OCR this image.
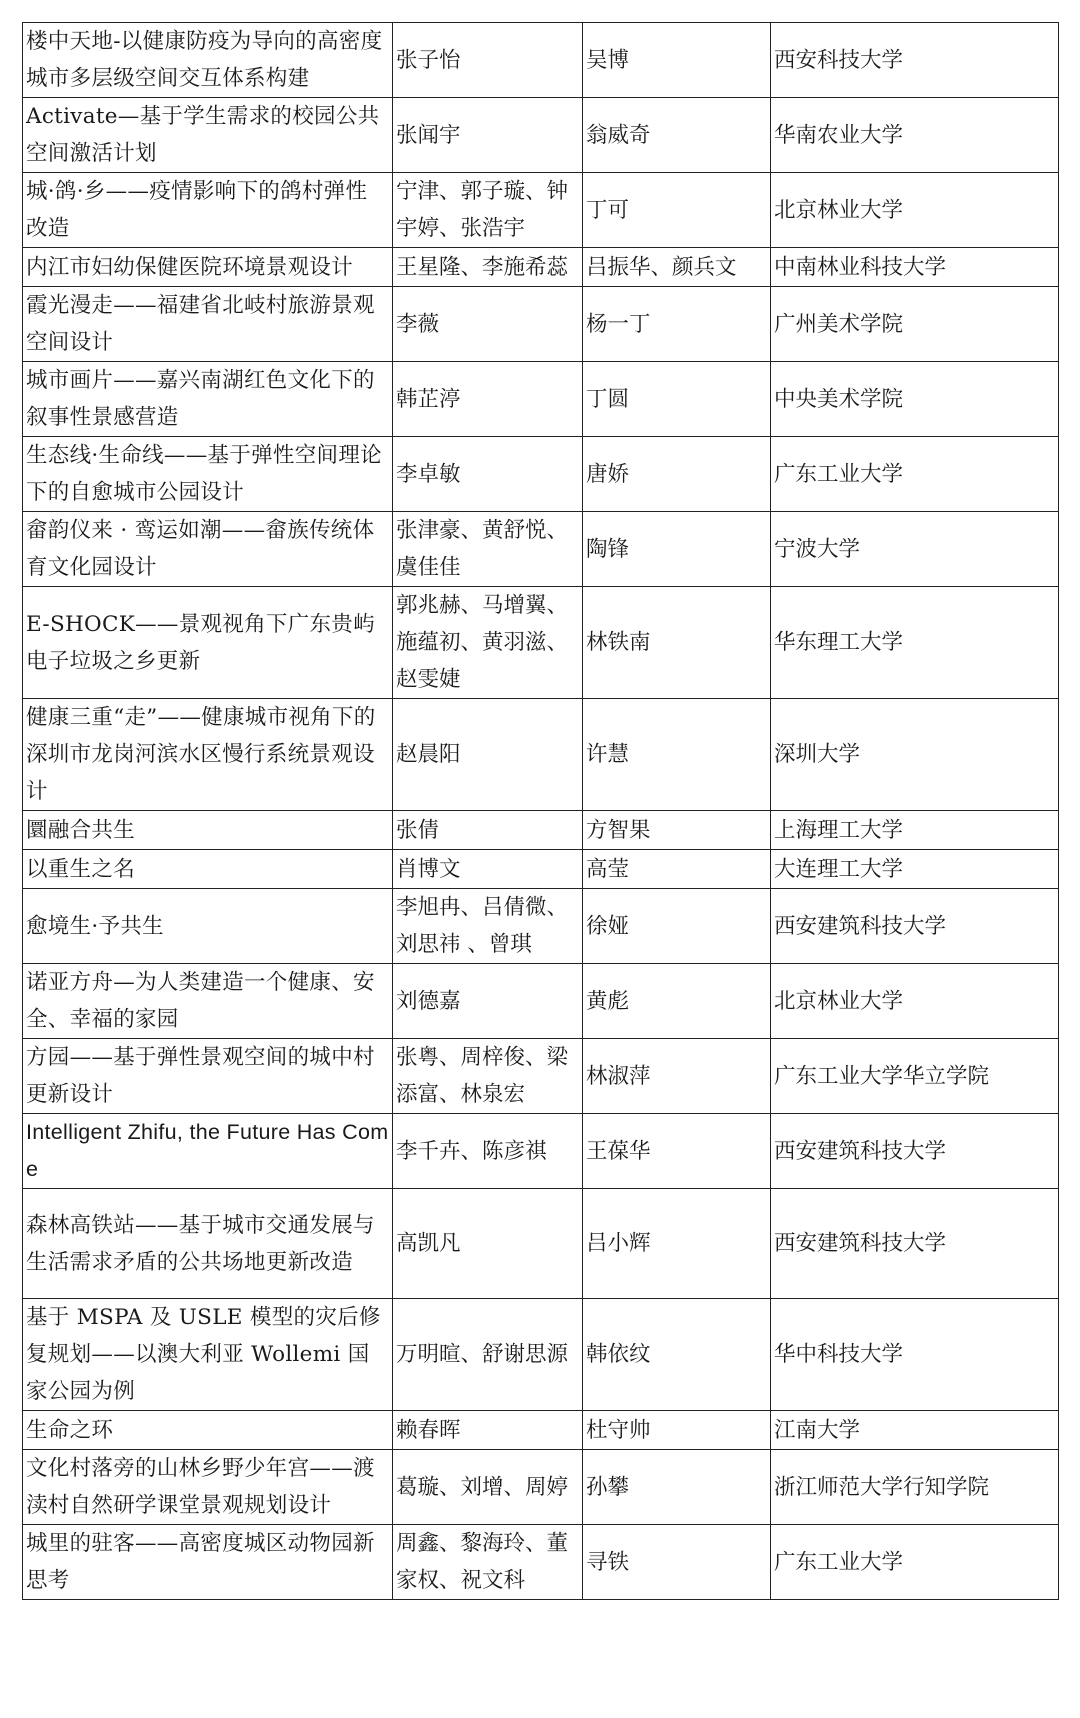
楼中天地-以健康防疫为导向的高密度城市多层级空间交互体系构建	张子怡	吴博	西安科技大学
Activate—基于学生需求的校园公共空间激活计划	张闻宇	翁威奇	华南农业大学
城·鸽·乡——疫情影响下的鸽村弹性改造	宁津、郭子璇、钟宇婷、张浩宇	丁可	北京林业大学
内江市妇幼保健医院环境景观设计	王星隆、李施希蕊	吕振华、颜兵文	中南林业科技大学
霞光漫走——福建省北岐村旅游景观空间设计	李薇	杨一丁	广州美术学院
城市画片——嘉兴南湖红色文化下的叙事性景感营造	韩芷渟	丁圆	中央美术学院
生态线·生命线——基于弹性空间理论下的自愈城市公园设计	李卓敏	唐娇	广东工业大学
畲韵仪来 · 鸾运如潮——畲族传统体育文化园设计	张津豪、黄舒悦、虞佳佳	陶锋	宁波大学
E-SHOCK——景观视角下广东贵屿电子垃圾之乡更新	郭兆赫、马增翼、施蕴初、黄羽滋、赵雯婕	林铁南	华东理工大学
健康三重“走”——健康城市视角下的深圳市龙岗河滨水区慢行系统景观设计	赵晨阳	许慧	深圳大学
圜融合共生	张倩	方智果	上海理工大学
以重生之名	肖博文	高莹	大连理工大学
愈境生·予共生	李旭冉、吕倩微、刘思祎 、曾琪	徐娅	西安建筑科技大学
诺亚方舟—为人类建造一个健康、安全、幸福的家园	刘德嘉	黄彪	北京林业大学
方园——基于弹性景观空间的城中村更新设计	张粤、周梓俊、梁添富、林泉宏	林淑萍	广东工业大学华立学院
Intelligent Zhifu, the Future Has Come	李千卉、陈彦祺	王葆华	西安建筑科技大学
森林高铁站——基于城市交通发展与生活需求矛盾的公共场地更新改造	高凯凡	吕小辉	西安建筑科技大学
基于 MSPA 及 USLE 模型的灾后修复规划——以澳大利亚 Wollemi 国家公园为例	万明暄、舒谢思源	韩依纹	华中科技大学
生命之环	赖春晖	杜守帅	江南大学
文化村落旁的山林乡野少年宫——渡渎村自然研学课堂景观规划设计	葛璇、刘增、周婷	孙攀	浙江师范大学行知学院
城里的驻客——高密度城区动物园新思考	周鑫、黎海玲、董家权、祝文科	寻铁	广东工业大学
